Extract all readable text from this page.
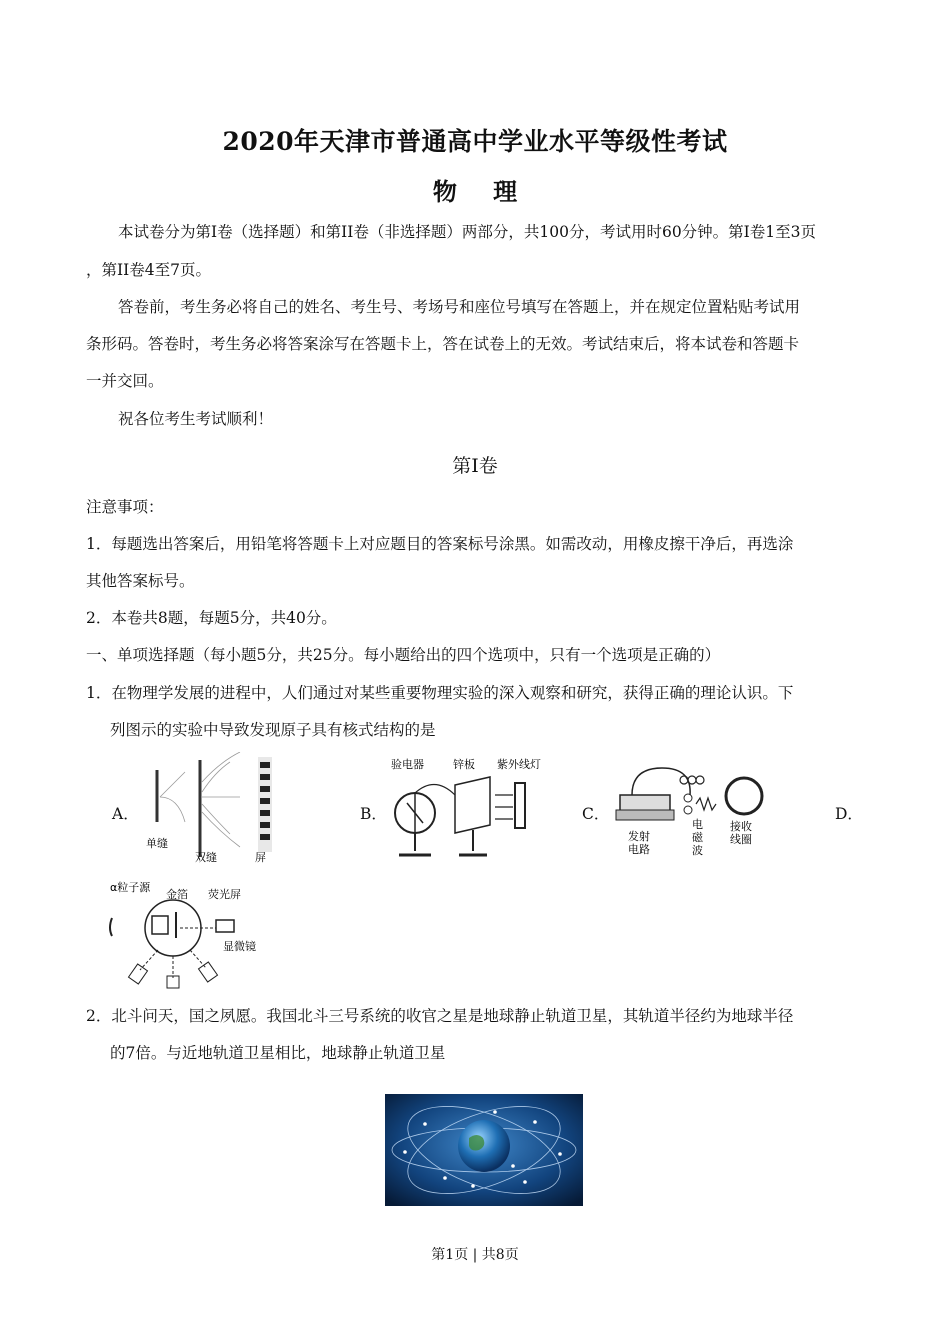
2020年天津市普通高中学业水平等级性考试
物 理
本试卷分为第I卷（选择题）和第II卷（非选择题）两部分，共100分，考试用时60分钟。第I卷1至3页
，第II卷4至7页。
答卷前，考生务必将自己的姓名、考生号、考场号和座位号填写在答题上，并在规定位置粘贴考试用
条形码。答卷时，考生务必将答案涂写在答题卡上，答在试卷上的无效。考试结束后，将本试卷和答题卡
一并交回。
祝各位考生考试顺利！
第I卷
注意事项：
1．每题选出答案后，用铅笔将答题卡上对应题目的答案标号涂黑。如需改动，用橡皮擦干净后，再选涂
其他答案标号。
2．本卷共8题，每题5分，共40分。
一、单项选择题（每小题5分，共25分。每小题给出的四个选项中，只有一个选项是正确的）
1．在物理学发展的进程中，人们通过对某些重要物理实验的深入观察和研究，获得正确的理论认识。下
列图示的实验中导致发现原子具有核式结构的是
A．	B．	C．	D．
单缝
双缝	屏
验电器	锌板 紫外线灯
发射
电路
电
磁
波
接收
线圈
α粒子源
金箔 荧光屏
显微镜
2．北斗问天，国之夙愿。我国北斗三号系统的收官之星是地球静止轨道卫星，其轨道半径约为地球半径
的7倍。与近地轨道卫星相比，地球静止轨道卫星
第1页 | 共8页
